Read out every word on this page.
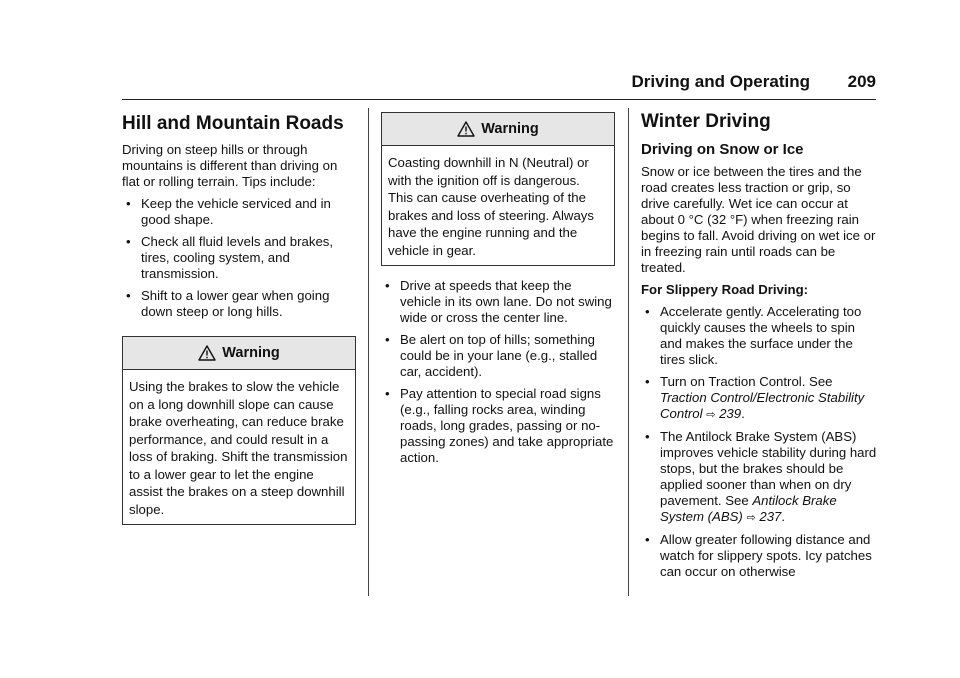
Driving and Operating 209
Hill and Mountain Roads

Driving on steep hills or through mountains is different than driving on flat or rolling terrain. Tips include:

• Keep the vehicle serviced and in good shape.
• Check all fluid levels and brakes, tires, cooling system, and transmission.
• Shift to a lower gear when going down steep or long hills.
Warning

Using the brakes to slow the vehicle on a long downhill slope can cause brake overheating, can reduce brake performance, and could result in a loss of braking. Shift the transmission to a lower gear to let the engine assist the brakes on a steep downhill slope.

Warning

Coasting downhill in N (Neutral) or with the ignition off is dangerous. This can cause overheating of the brakes and loss of steering. Always have the engine running and the vehicle in gear.

• Drive at speeds that keep the vehicle in its own lane. Do not swing wide or cross the center line.
• Be alert on top of hills; something could be in your lane (e.g., stalled car, accident).
• Pay attention to special road signs (e.g., falling rocks area, winding roads, long grades, passing or no-passing zones) and take appropriate action.
Winter Driving
Driving on Snow or Ice

Snow or ice between the tires and the road creates less traction or grip, so drive carefully. Wet ice can occur at about 0 °C (32 °F) when freezing rain begins to fall. Avoid driving on wet ice or in freezing rain until roads can be treated.

For Slippery Road Driving:

• Accelerate gently. Accelerating too quickly causes the wheels to spin and makes the surface under the tires slick.
• Turn on Traction Control. See Traction Control/Electronic Stability Control ⇨ 239.
• The Antilock Brake System (ABS) improves vehicle stability during hard stops, but the brakes should be applied sooner than when on dry pavement. See Antilock Brake System (ABS) ⇨ 237.
• Allow greater following distance and watch for slippery spots. Icy patches can occur on otherwise
